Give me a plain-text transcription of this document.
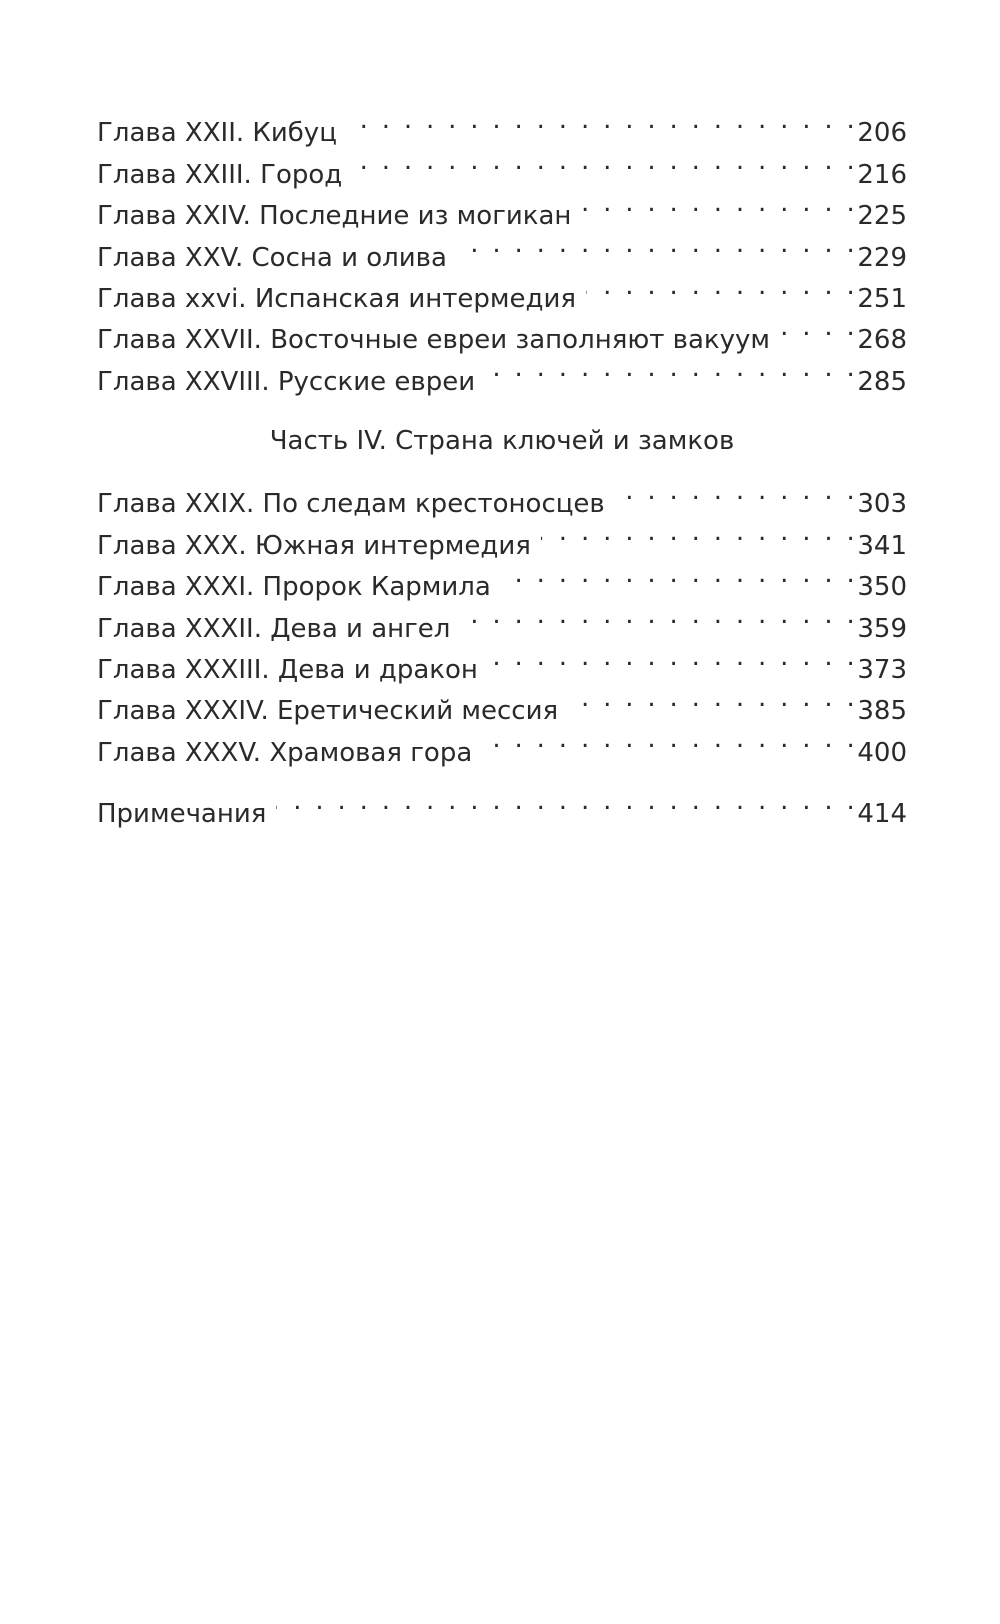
Глава XXII. Кибуц . . .	206
Глава XXIII. Город . . .	216
Глава XXIV. Последние из могикан . . .	225
Глава XXV. Сосна и олива . . .	229
Глава xxvi. Испанская интермедия . . .	251
Глава XXVII. Восточные евреи заполняют вакуум . . .	268
Глава XXVIII. Русские евреи . . .	285
Часть IV. Страна ключей и замков
Глава XXIX. По следам крестоносцев . . .	303
Глава XXX. Южная интермедия . . .	341
Глава XXXI. Пророк Кармила . . .	350
Глава XXXII. Дева и ангел . . .	359
Глава XXXIII. Дева и дракон . . .	373
Глава XXXIV. Еретический мессия . . .	385
Глава XXXV. Храмовая гора . . .	400
Примечания . . .	414
